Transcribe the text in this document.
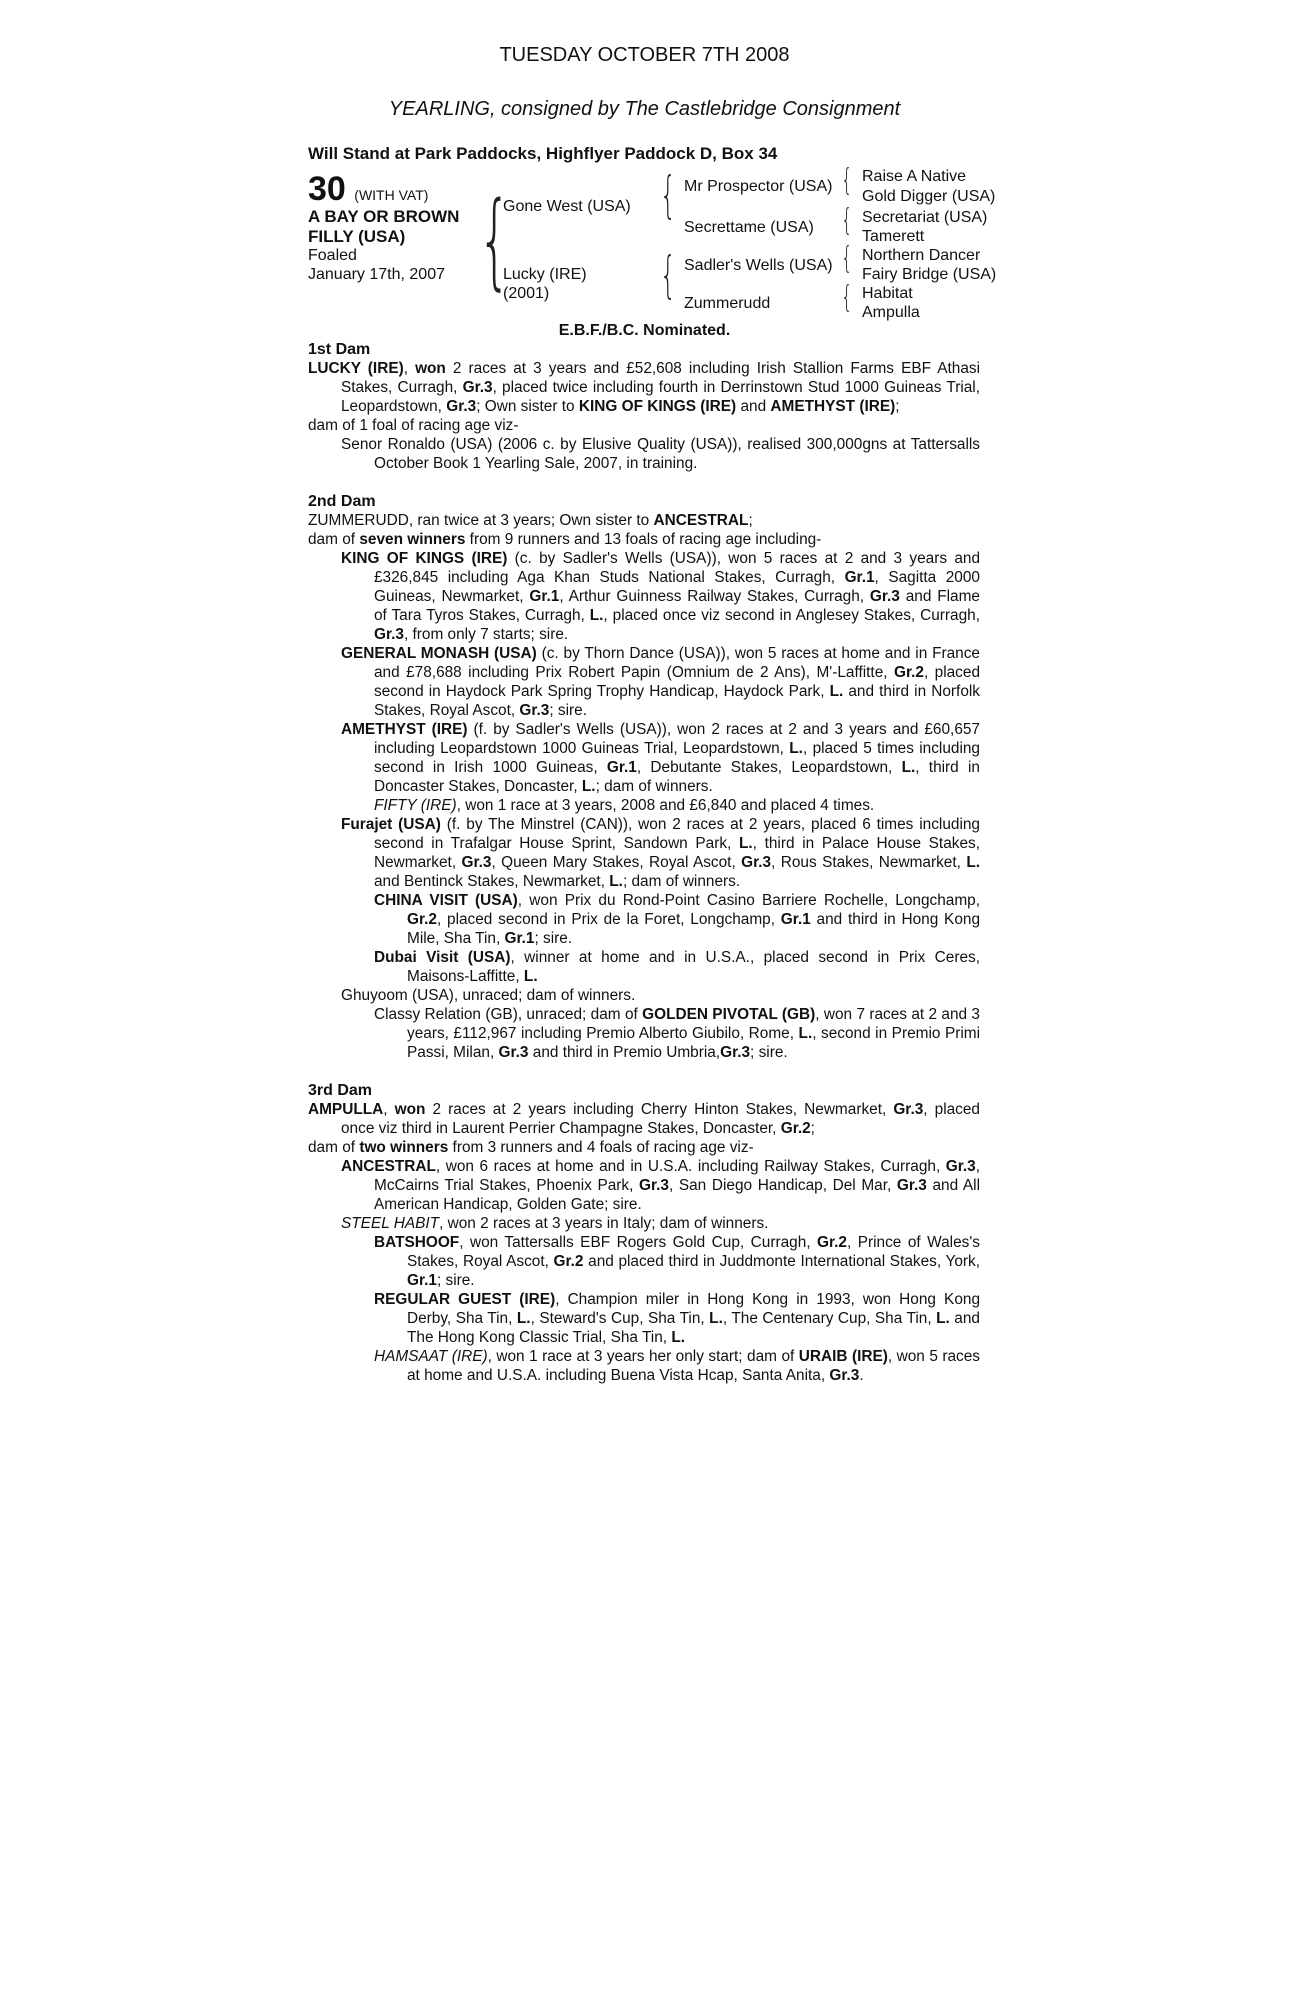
TUESDAY OCTOBER 7TH 2008
YEARLING, consigned by The Castlebridge Consignment
Will Stand at Park Paddocks, Highflyer Paddock D, Box 34
30 (WITH VAT)
A BAY OR BROWN
FILLY (USA)
Foaled
January 17th, 2007 {	{
{
{
{
{
{
Gone West (USA)
Lucky (IRE)
(2001)
Mr Prospector (USA)
Secrettame (USA)
Sadler's Wells (USA)
Zummerudd
Raise A Native
Gold Digger (USA)
Secretariat (USA)
Tamerett
Northern Dancer
Fairy Bridge (USA)
Habitat
Ampulla
E.B.F./B.C. Nominated.
1st Dam
LUCKY (IRE), won 2 races at 3 years and £52,608 including Irish Stallion Farms EBF Athasi Stakes, Curragh, Gr.3, placed twice including fourth in Derrinstown Stud 1000 Guineas Trial, Leopardstown, Gr.3; Own sister to KING OF KINGS (IRE) and AMETHYST (IRE);
dam of 1 foal of racing age viz-
Senor Ronaldo (USA) (2006 c. by Elusive Quality (USA)), realised 300,000gns at Tattersalls October Book 1 Yearling Sale, 2007, in training.
2nd Dam
ZUMMERUDD, ran twice at 3 years; Own sister to ANCESTRAL;
dam of seven winners from 9 runners and 13 foals of racing age including-
KING OF KINGS (IRE) (c. by Sadler's Wells (USA)), won 5 races at 2 and 3 years and £326,845 including Aga Khan Studs National Stakes, Curragh, Gr.1, Sagitta 2000 Guineas, Newmarket, Gr.1, Arthur Guinness Railway Stakes, Curragh, Gr.3 and Flame of Tara Tyros Stakes, Curragh, L., placed once viz second in Anglesey Stakes, Curragh, Gr.3, from only 7 starts; sire.
GENERAL MONASH (USA) (c. by Thorn Dance (USA)), won 5 races at home and in France and £78,688 including Prix Robert Papin (Omnium de 2 Ans), M'-Laffitte, Gr.2, placed second in Haydock Park Spring Trophy Handicap, Haydock Park, L. and third in Norfolk Stakes, Royal Ascot, Gr.3; sire.
AMETHYST (IRE) (f. by Sadler's Wells (USA)), won 2 races at 2 and 3 years and £60,657 including Leopardstown 1000 Guineas Trial, Leopardstown, L., placed 5 times including second in Irish 1000 Guineas, Gr.1, Debutante Stakes, Leopardstown, L., third in Doncaster Stakes, Doncaster, L.; dam of winners.
FIFTY (IRE), won 1 race at 3 years, 2008 and £6,840 and placed 4 times.
Furajet (USA) (f. by The Minstrel (CAN)), won 2 races at 2 years, placed 6 times including second in Trafalgar House Sprint, Sandown Park, L., third in Palace House Stakes, Newmarket, Gr.3, Queen Mary Stakes, Royal Ascot, Gr.3, Rous Stakes, Newmarket, L. and Bentinck Stakes, Newmarket, L.; dam of winners.
CHINA VISIT (USA), won Prix du Rond-Point Casino Barriere Rochelle, Longchamp, Gr.2, placed second in Prix de la Foret, Longchamp, Gr.1 and third in Hong Kong Mile, Sha Tin, Gr.1; sire.
Dubai Visit (USA), winner at home and in U.S.A., placed second in Prix Ceres, Maisons-Laffitte, L.
Ghuyoom (USA), unraced; dam of winners.
Classy Relation (GB), unraced; dam of GOLDEN PIVOTAL (GB), won 7 races at 2 and 3 years, £112,967 including Premio Alberto Giubilo, Rome, L., second in Premio Primi Passi, Milan, Gr.3 and third in Premio Umbria,Gr.3; sire.
3rd Dam
AMPULLA, won 2 races at 2 years including Cherry Hinton Stakes, Newmarket, Gr.3, placed once viz third in Laurent Perrier Champagne Stakes, Doncaster, Gr.2;
dam of two winners from 3 runners and 4 foals of racing age viz-
ANCESTRAL, won 6 races at home and in U.S.A. including Railway Stakes, Curragh, Gr.3, McCairns Trial Stakes, Phoenix Park, Gr.3, San Diego Handicap, Del Mar, Gr.3 and All American Handicap, Golden Gate; sire.
STEEL HABIT, won 2 races at 3 years in Italy; dam of winners.
BATSHOOF, won Tattersalls EBF Rogers Gold Cup, Curragh, Gr.2, Prince of Wales's Stakes, Royal Ascot, Gr.2 and placed third in Juddmonte International Stakes, York, Gr.1; sire.
REGULAR GUEST (IRE), Champion miler in Hong Kong in 1993, won Hong Kong Derby, Sha Tin, L., Steward's Cup, Sha Tin, L., The Centenary Cup, Sha Tin, L. and The Hong Kong Classic Trial, Sha Tin, L.
HAMSAAT (IRE), won 1 race at 3 years her only start; dam of URAIB (IRE), won 5 races at home and U.S.A. including Buena Vista Hcap, Santa Anita, Gr.3.
